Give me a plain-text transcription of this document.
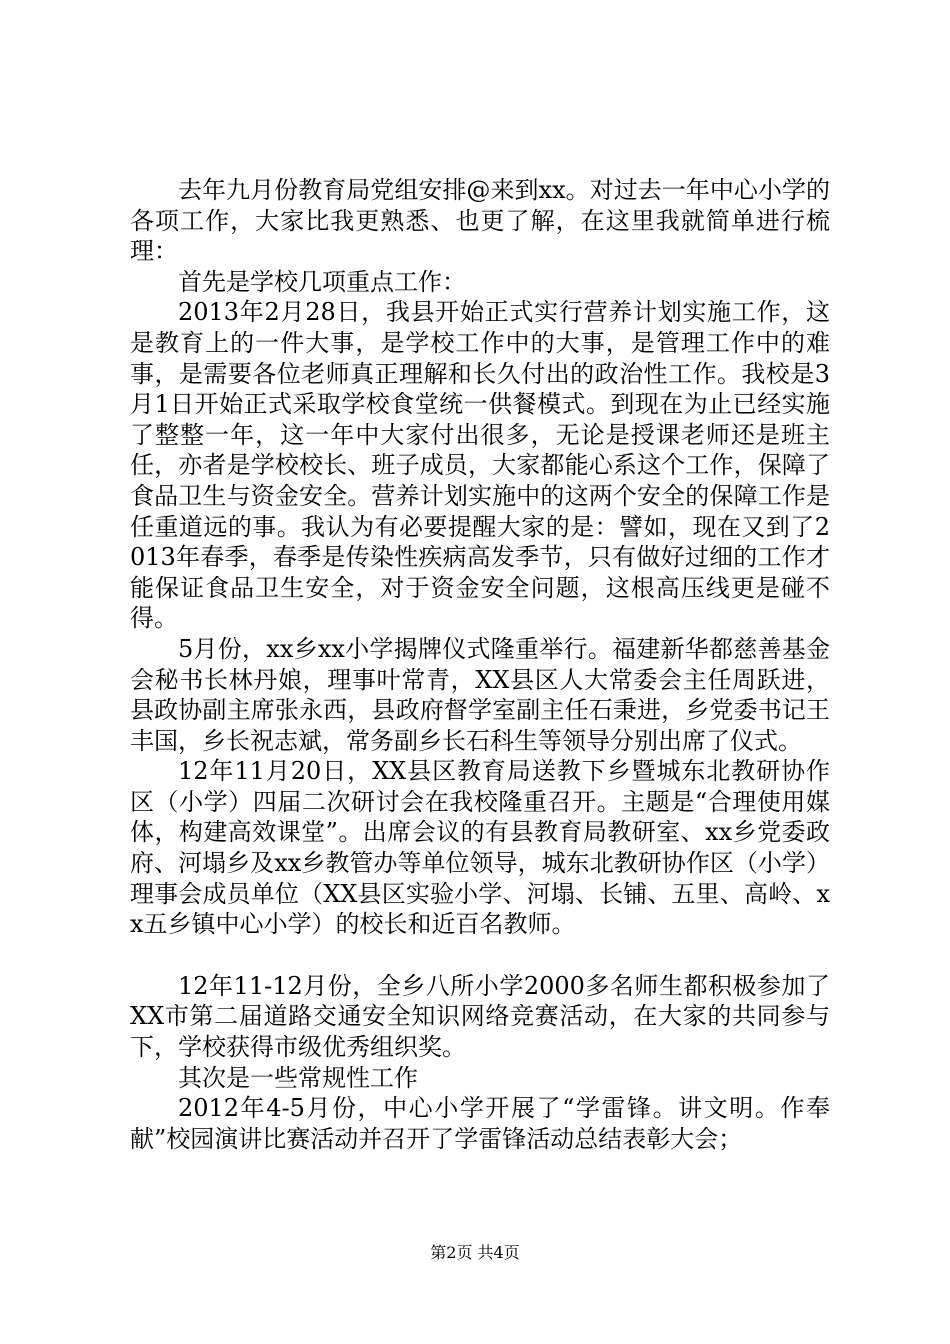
去年九月份教育局党组安排@来到xx。对过去一年中心小学的各项工作，大家比我更熟悉、也更了解，在这里我就简单进行梳理：

首先是学校几项重点工作：

2013年2月28日，我县开始正式实行营养计划实施工作，这是教育上的一件大事，是学校工作中的大事，是管理工作中的难事，是需要各位老师真正理解和长久付出的政治性工作。我校是3月1日开始正式采取学校食堂统一供餐模式。到现在为止已经实施了整整一年，这一年中大家付出很多，无论是授课老师还是班主任，亦者是学校校长、班子成员，大家都能心系这个工作，保障了食品卫生与资金安全。营养计划实施中的这两个安全的保障工作是任重道远的事。我认为有必要提醒大家的是：譬如，现在又到了2013年春季，春季是传染性疾病高发季节，只有做好过细的工作才能保证食品卫生安全，对于资金安全问题，这根高压线更是碰不得。

5月份，xx乡xx小学揭牌仪式隆重举行。福建新华都慈善基金会秘书长林丹娘，理事叶常青，XX县区人大常委会主任周跃进，县政协副主席张永西，县政府督学室副主任石秉进，乡党委书记王丰国，乡长祝志斌，常务副乡长石科生等领导分别出席了仪式。

12年11月20日，XX县区教育局送教下乡暨城东北教研协作区（小学）四届二次研讨会在我校隆重召开。主题是“合理使用媒体，构建高效课堂”。出席会议的有县教育局教研室、xx乡党委政府、河塌乡及xx乡教管办等单位领导，城东北教研协作区（小学）理事会成员单位（XX县区实验小学、河塌、长铺、五里、高岭、xx五乡镇中心小学）的校长和近百名教师。

12年11-12月份，全乡八所小学2000多名师生都积极参加了XX市第二届道路交通安全知识网络竞赛活动，在大家的共同参与下，学校获得市级优秀组织奖。

其次是一些常规性工作

2012年4-5月份，中心小学开展了“学雷锋。讲文明。作奉献”校园演讲比赛活动并召开了学雷锋活动总结表彰大会；

第2页 共4页
